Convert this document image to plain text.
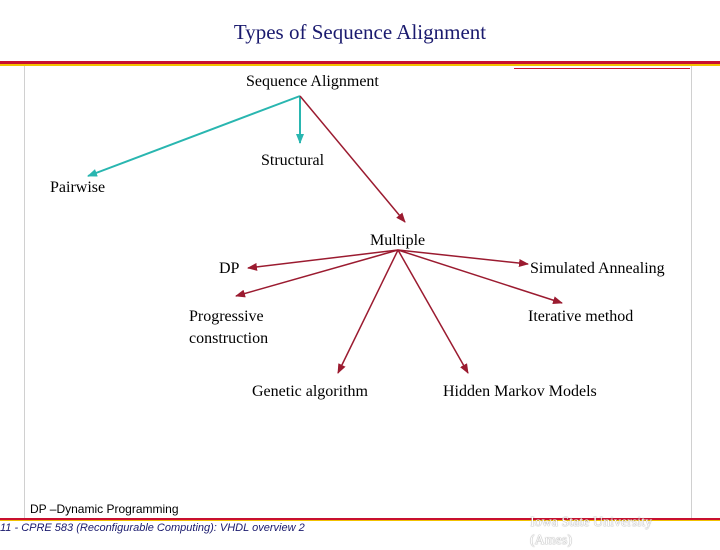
Types of Sequence Alignment
Sequence Alignment
Pairwise
Structural
Multiple
DP	Simulated Annealing
Progressive
construction
Iterative method
Genetic algorithm	Hidden Markov Models
DP –Dynamic Programming
11 - CPRE 583 (Reconfigurable Computing): VHDL overview 2	Iowa State University
(Ames)
